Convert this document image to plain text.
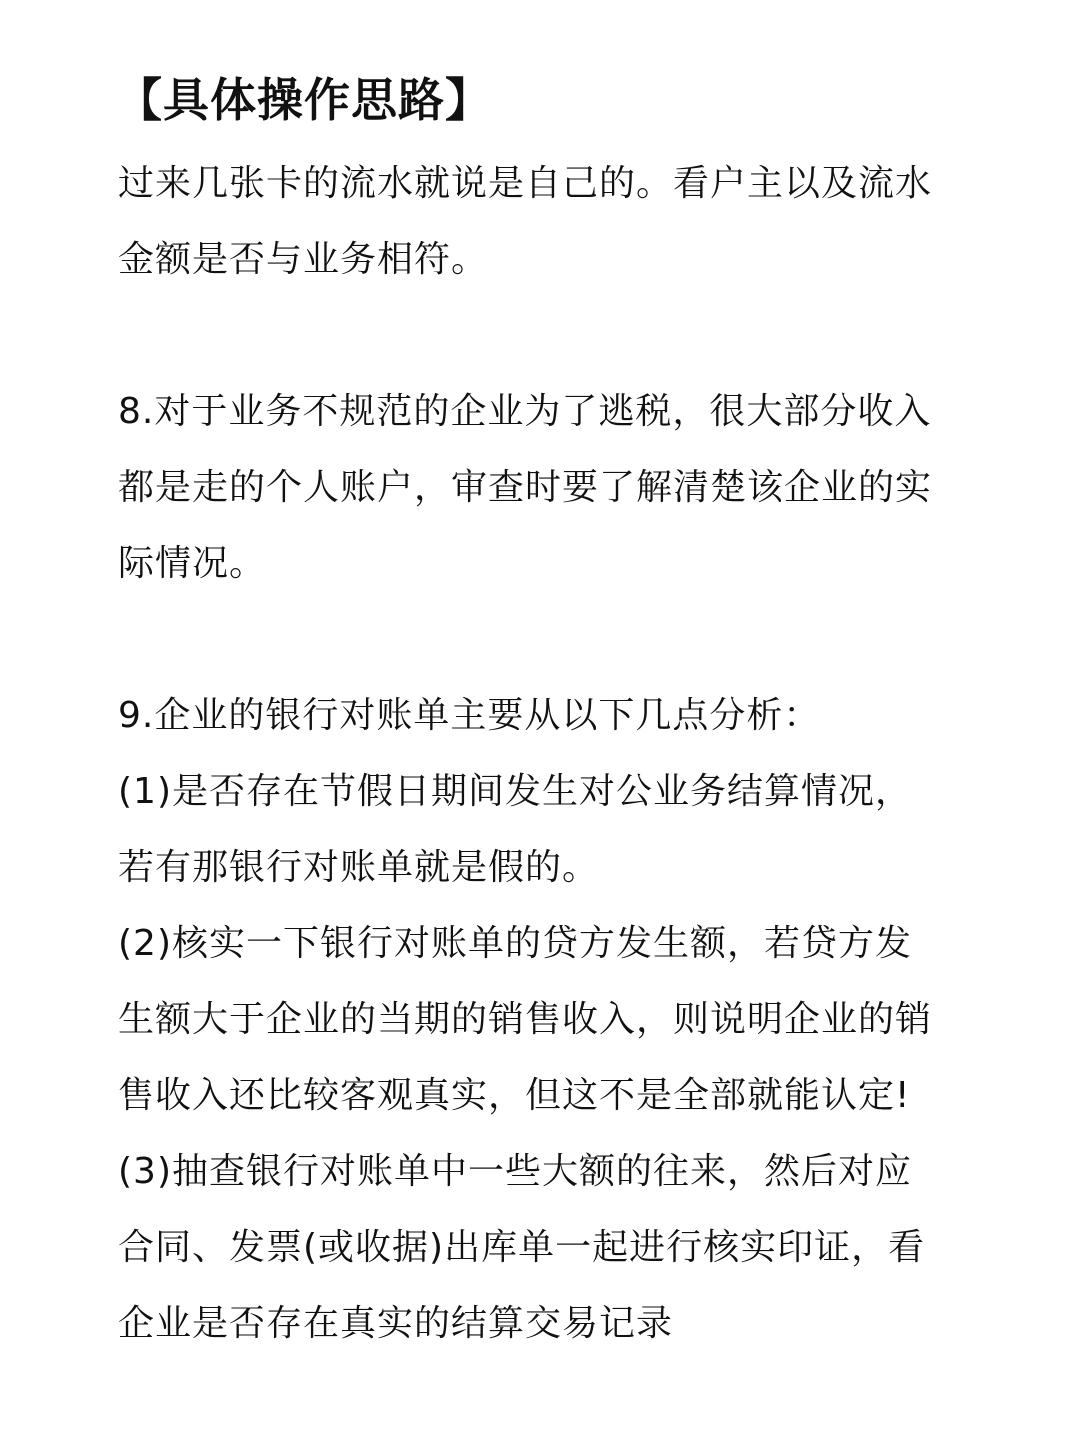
【具体操作思路】
过来几张卡的流水就说是自己的。看户主以及流水
金额是否与业务相符。
8.对于业务不规范的企业为了逃税，很大部分收入
都是走的个人账户，审查时要了解清楚该企业的实
际情况。
9.企业的银行对账单主要从以下几点分析：
(1)是否存在节假日期间发生对公业务结算情况，
若有那银行对账单就是假的。
(2)核实一下银行对账单的贷方发生额，若贷方发
生额大于企业的当期的销售收入，则说明企业的销
售收入还比较客观真实，但这不是全部就能认定!
(3)抽查银行对账单中一些大额的往来，然后对应
合同、发票(或收据)出库单一起进行核实印证，看
企业是否存在真实的结算交易记录
